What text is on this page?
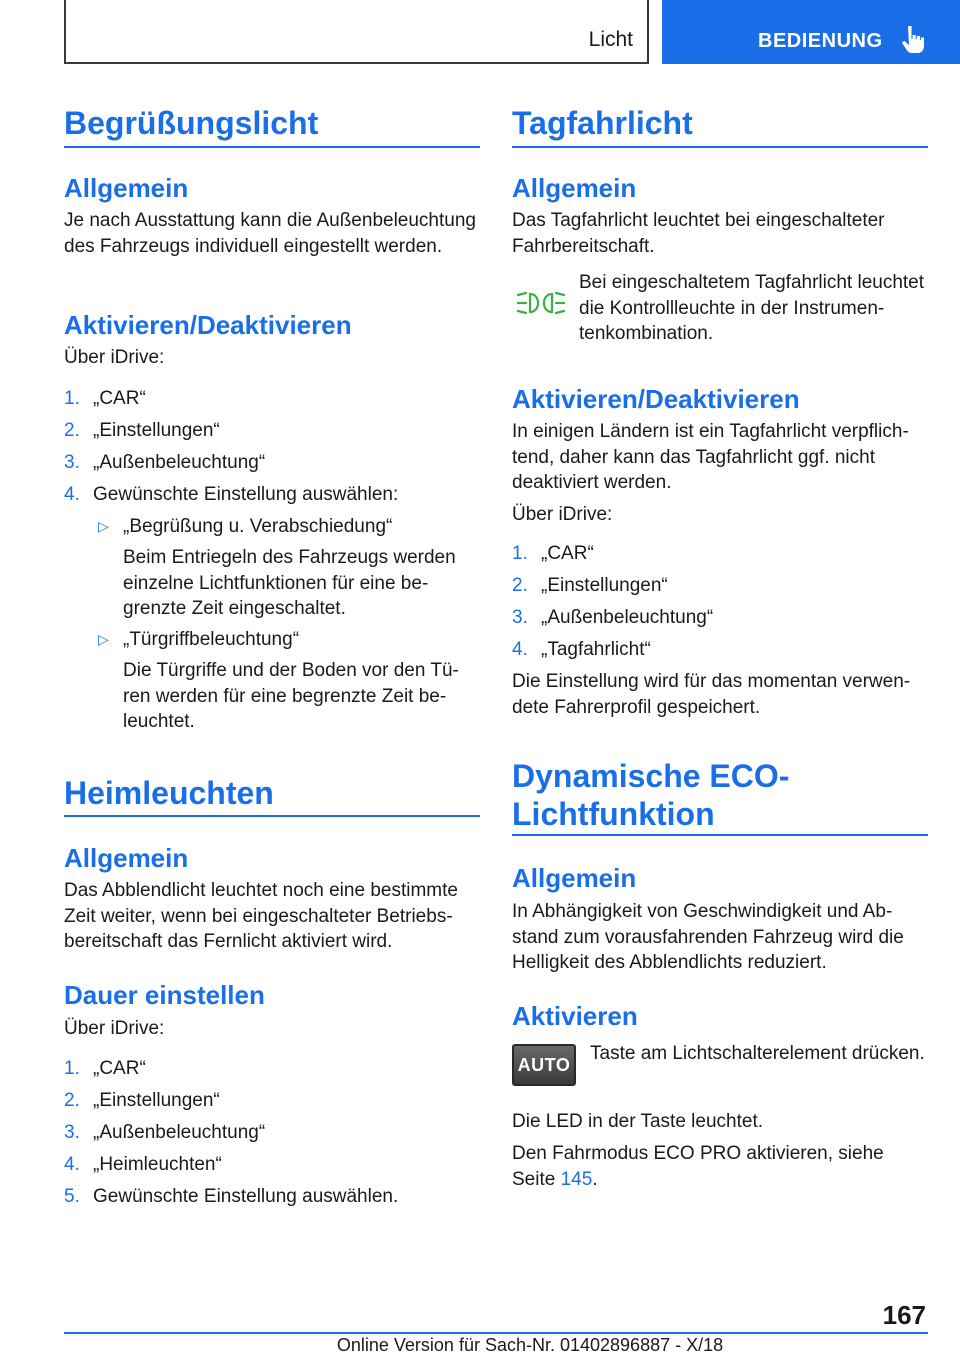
Licht	BEDIENUNG
Begrüßungslicht
Allgemein
Je nach Ausstattung kann die Außenbeleuchtung des Fahrzeugs individuell eingestellt werden.
Aktivieren/Deaktivieren
Über iDrive:
1. „CAR“
2. „Einstellungen“
3. „Außenbeleuchtung“
4. Gewünschte Einstellung auswählen:
▷ „Begrüßung u. Verabschiedung“
Beim Entriegeln des Fahrzeugs werden einzelne Lichtfunktionen für eine begrenzte Zeit eingeschaltet.
▷ „Türgriffbeleuchtung“
Die Türgriffe und der Boden vor den Türen werden für eine begrenzte Zeit beleuchtet.
Heimleuchten
Allgemein
Das Abblendlicht leuchtet noch eine bestimmte Zeit weiter, wenn bei eingeschalteter Betriebsbereitschaft das Fernlicht aktiviert wird.
Dauer einstellen
Über iDrive:
1. „CAR“
2. „Einstellungen“
3. „Außenbeleuchtung“
4. „Heimleuchten“
5. Gewünschte Einstellung auswählen.
Tagfahrlicht
Allgemein
Das Tagfahrlicht leuchtet bei eingeschalteter Fahrbereitschaft.
Bei eingeschaltetem Tagfahrlicht leuchtet die Kontrollleuchte in der Instrumentenkombination.
Aktivieren/Deaktivieren
In einigen Ländern ist ein Tagfahrlicht verpflichtend, daher kann das Tagfahrlicht ggf. nicht deaktiviert werden.
Über iDrive:
1. „CAR“
2. „Einstellungen“
3. „Außenbeleuchtung“
4. „Tagfahrlicht“
Die Einstellung wird für das momentan verwendete Fahrerprofil gespeichert.
Dynamische ECO-
Lichtfunktion
Allgemein
In Abhängigkeit von Geschwindigkeit und Abstand zum vorausfahrenden Fahrzeug wird die Helligkeit des Abblendlichts reduziert.
Aktivieren
AUTO
Taste am Lichtschalterelement drücken.
Die LED in der Taste leuchtet.
Den Fahrmodus ECO PRO aktivieren, siehe Seite 145.
167
Online Version für Sach-Nr. 01402896887 - X/18
